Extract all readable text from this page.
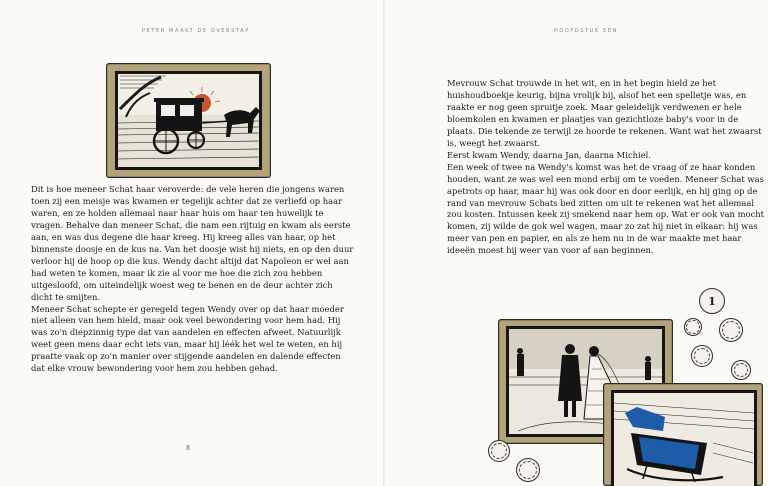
PETER MAAKT DE OVERSTAP

Dit is hoe meneer Schat haar veroverde: de vele heren die jongens waren toen zij een meisje was kwamen er tegelijk achter dat ze verliefd op haar waren, en ze holden allemaal naar haar huis om haar ten huwelijk te vragen. Behalve dan meneer Schat, die nam een rijtuig en kwam als eerste aan, en was dus degene die haar kreeg. Hij kreeg alles van haar, op het binnenste doosje en de kus na. Van het doosje wist hij niets, en op den duur verloor hij de hoop op die kus. Wendy dacht altijd dat Napoleon er wel aan had weten te komen, maar ik zie al voor me hoe die zich zou hebben uitgesloofd, om uiteindelijk woest weg te benen en de deur achter zich dicht te smijten.

Meneer Schat schepte er geregeld tegen Wendy over op dat haar moeder niet alleen van hem hield, maar ook veel bewondering voor hem had. Hij was zo'n diepzinnig type dat van aandelen en effecten afweet. Natuurlijk weet geen mens daar echt iets van, maar hij léék het wel te weten, en hij praatte vaak op zo'n manier over stijgende aandelen en dalende effecten dat elke vrouw bewondering voor hem zou hebben gehad.

8
HOOFDSTUK EEN

Mevrouw Schat trouwde in het wit, en in het begin hield ze het huishoudboekje keurig, bijna vrolijk bij, alsof het een spelletje was, en raakte er nog geen spruitje zoek. Maar geleidelijk verdwenen er hele bloemkolen en kwamen er plaatjes van gezichtloze baby's voor in de plaats. Die tekende ze terwijl ze hoorde te rekenen. Want wat het zwaarst is, weegt het zwaarst.

Eerst kwam Wendy, daarna Jan, daarna Michiel.

Een week of twee na Wendy's komst was het de vraag of ze haar konden houden, want ze was wel een mond erbij om te voeden. Meneer Schat was apetrots op haar, maar hij was ook door en door eerlijk, en hij ging op de rand van mevrouw Schats bed zitten om uit te rekenen wat het allemaal zou kosten. Intussen keek zij smekend naar hem op. Wat er ook van mocht komen, zij wilde de gok wel wagen, maar zo zat hij niet in elkaar: hij was meer van pen en papier, en als ze hem nu in de war maakte met haar ideeën moest hij weer van voor af aan beginnen.

1
